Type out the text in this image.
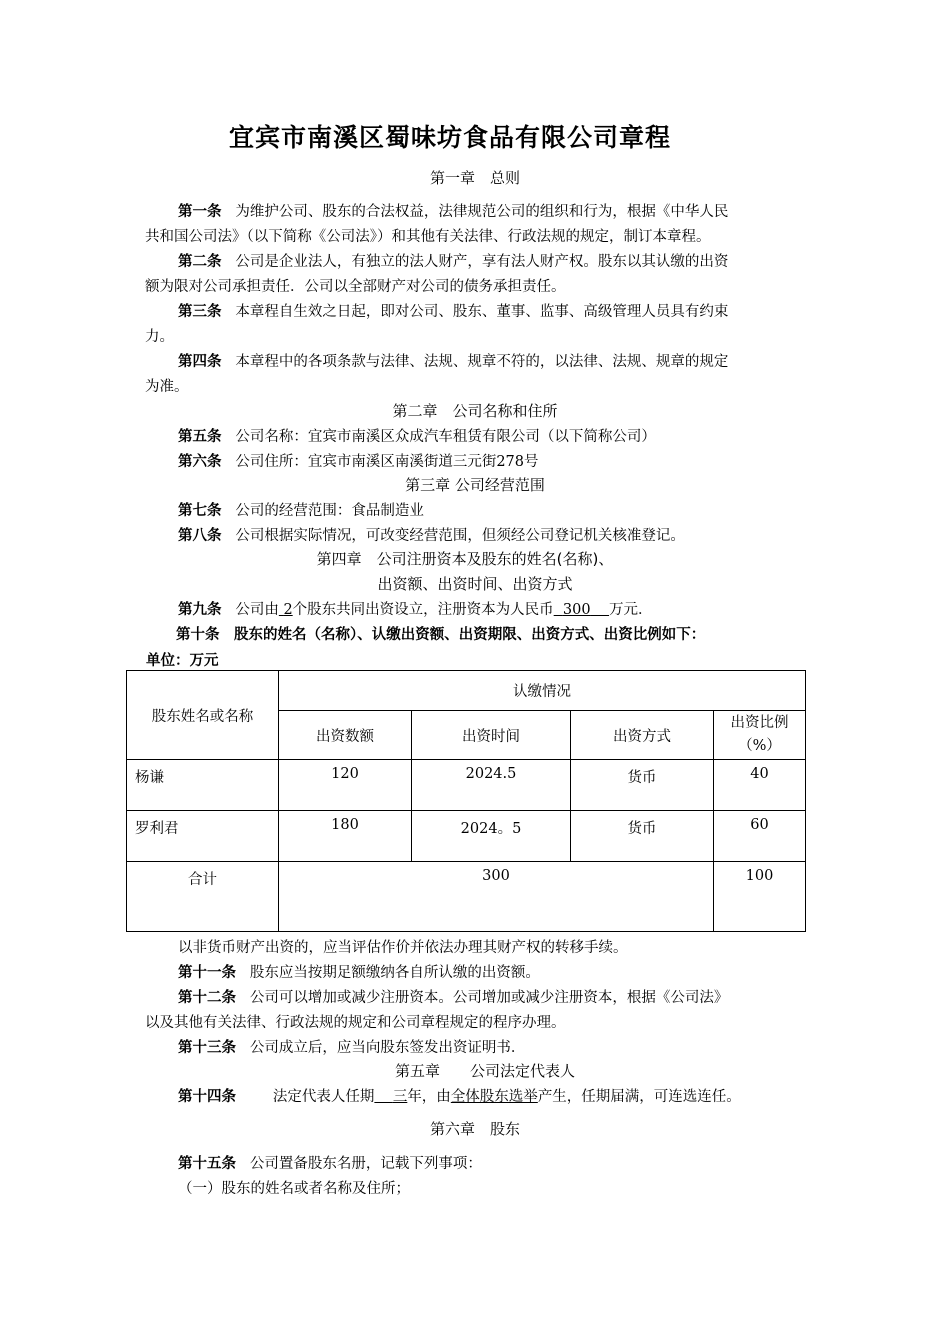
宜宾市南溪区蜀味坊食品有限公司章程
第一章　总则
第一条 为维护公司、股东的合法权益，法律规范公司的组织和行为，根据《中华人民
共和国公司法》（以下简称《公司法》）和其他有关法律、行政法规的规定，制订本章程。
第二条 公司是企业法人，有独立的法人财产，享有法人财产权。股东以其认缴的出资
额为限对公司承担责任．公司以全部财产对公司的债务承担责任。
第三条 本章程自生效之日起，即对公司、股东、董事、监事、高级管理人员具有约束
力。
第四条 本章程中的各项条款与法律、法规、规章不符的，以法律、法规、规章的规定
为准。
第二章　公司名称和住所
第五条 公司名称：宜宾市南溪区众成汽车租赁有限公司（以下简称公司）
第六条 公司住所：宜宾市南溪区南溪街道三元街278号
第三章 公司经营范围
第七条 公司的经营范围：食品制造业
第八条 公司根据实际情况，可改变经营范围，但须经公司登记机关核准登记。
第四章　公司注册资本及股东的姓名(名称)、
出资额、出资时间、出资方式
第九条 公司由 2个股东共同出资设立，注册资本为人民币 300 万元．
第十条　股东的姓名（名称）、认缴出资额、出资期限、出资方式、出资比例如下：
单位：万元
股东姓名或名称	认缴情况			
	出资数额	出资时间	出资方式	出资比例
（%）

杨谦	120	2024.5	货币	40
罗利君	180	2024。5	货币	60
合计	300			100
以非货币财产出资的，应当评估作价并依法办理其财产权的转移手续。
第十一条 股东应当按期足额缴纳各自所认缴的出资额。
第十二条 公司可以增加或减少注册资本。公司增加或减少注册资本，根据《公司法》
以及其他有关法律、行政法规的规定和公司章程规定的程序办理。
第十三条 公司成立后，应当向股东签发出资证明书．
第五章　　公司法定代表人
第十四条	法定代表人任期 三年，由全体股东选举产生，任期届满，可连选连任。
第六章　股东
第十五条 公司置备股东名册，记载下列事项：
（一）股东的姓名或者名称及住所；
